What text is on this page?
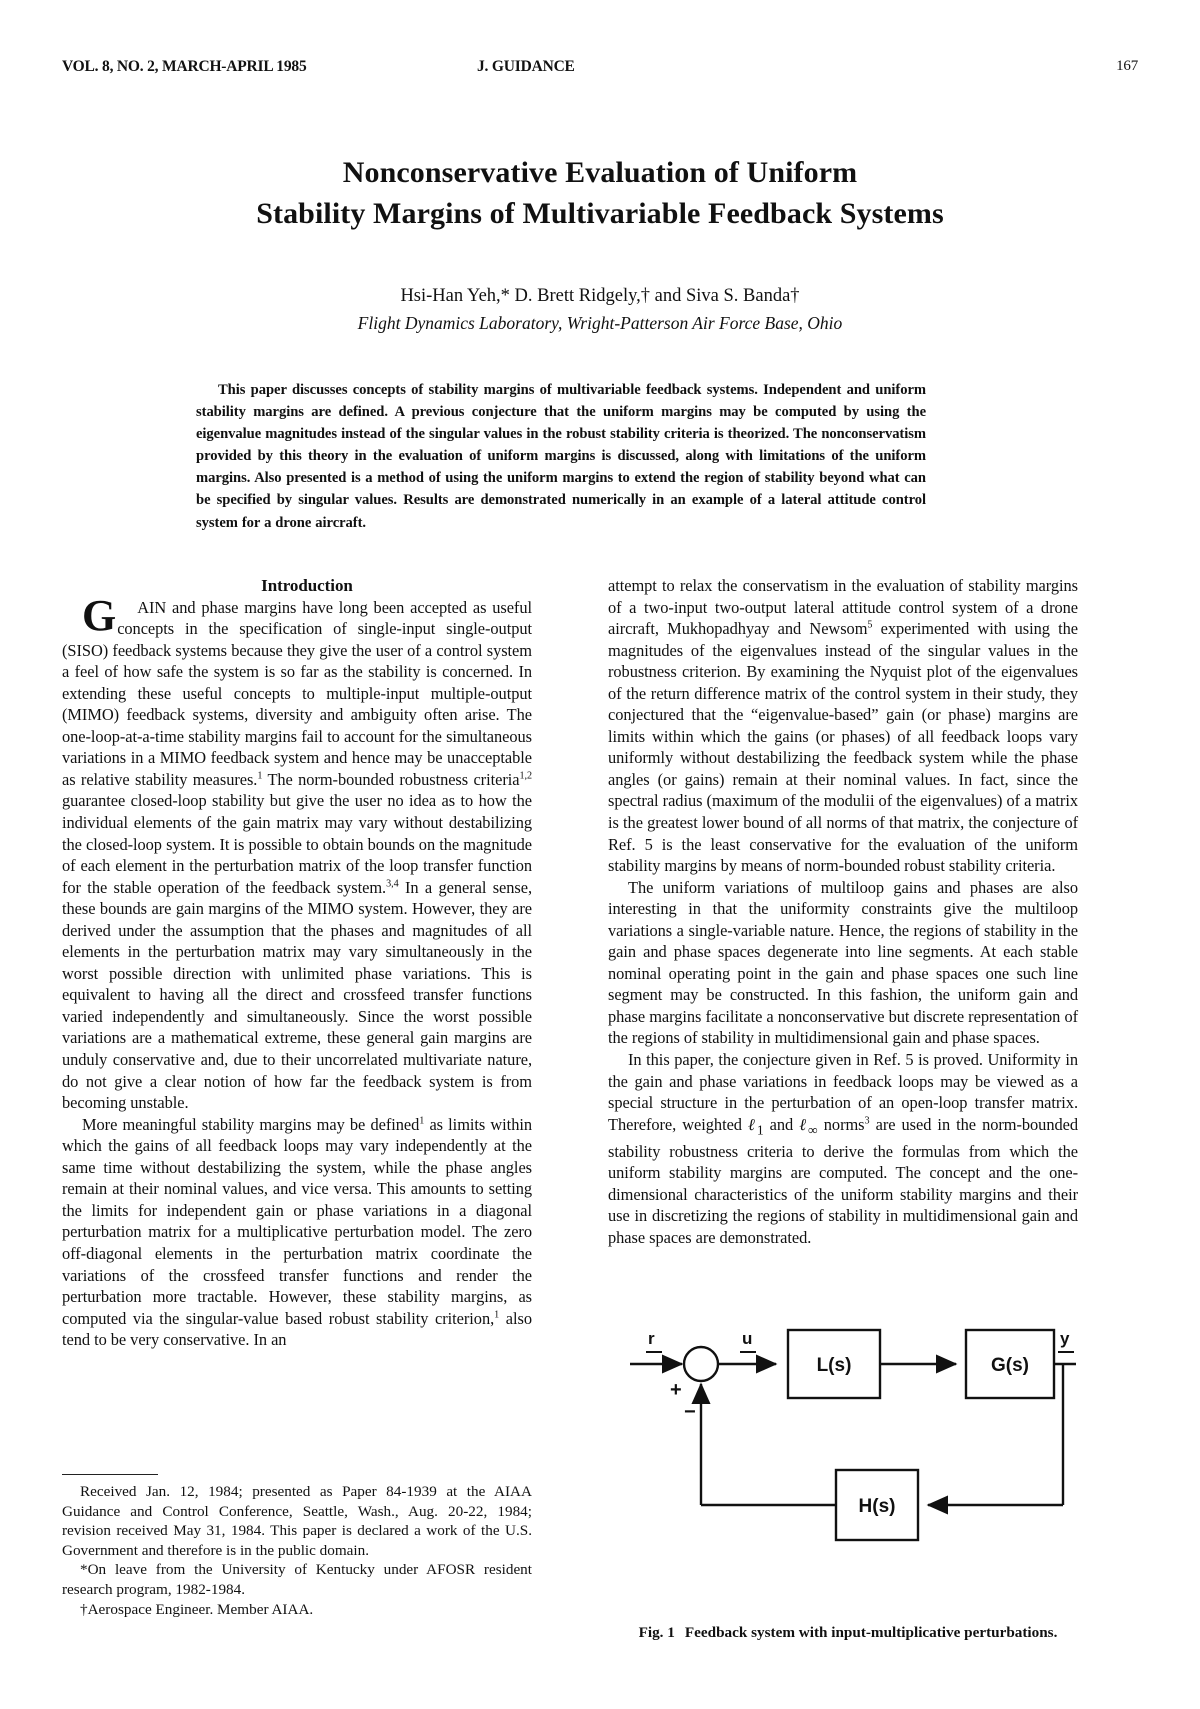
VOL. 8, NO. 2, MARCH-APRIL 1985	J. GUIDANCE	167
Nonconservative Evaluation of Uniform
Stability Margins of Multivariable Feedback Systems
Hsi-Han Yeh,* D. Brett Ridgely,† and Siva S. Banda†
Flight Dynamics Laboratory, Wright-Patterson Air Force Base, Ohio
This paper discusses concepts of stability margins of multivariable feedback systems. Independent and uniform stability margins are defined. A previous conjecture that the uniform margins may be computed by using the eigenvalue magnitudes instead of the singular values in the robust stability criteria is theorized. The nonconservatism provided by this theory in the evaluation of uniform margins is discussed, along with limitations of the uniform margins. Also presented is a method of using the uniform margins to extend the region of stability beyond what can be specified by singular values. Results are demonstrated numerically in an example of a lateral attitude control system for a drone aircraft.

Introduction

GAIN and phase margins have long been accepted as useful concepts in the specification of single-input single-output (SISO) feedback systems because they give the user of a control system a feel of how safe the system is so far as the stability is concerned. In extending these useful concepts to multiple-input multiple-output (MIMO) feedback systems, diversity and ambiguity often arise. The one-loop-at-a-time stability margins fail to account for the simultaneous variations in a MIMO feedback system and hence may be unacceptable as relative stability measures.$^1$ The norm-bounded robustness criteria$^{1,2}$ guarantee closed-loop stability but give the user no idea as to how the individual elements of the gain matrix may vary without destabilizing the closed-loop system. It is possible to obtain bounds on the magnitude of each element in the perturbation matrix of the loop transfer function for the stable operation of the feedback system.$^{3,4}$ In a general sense, these bounds are gain margins of the MIMO system. However, they are derived under the assumption that the phases and magnitudes of all elements in the perturbation matrix may vary simultaneously in the worst possible direction with unlimited phase variations. This is equivalent to having all the direct and crossfeed transfer functions varied independently and simultaneously. Since the worst possible variations are a mathematical extreme, these general gain margins are unduly conservative and, due to their uncorrelated multivariate nature, do not give a clear notion of how far the feedback system is from becoming unstable.

More meaningful stability margins may be defined$^1$ as limits within which the gains of all feedback loops may vary independently at the same time without destabilizing the system, while the phase angles remain at their nominal values, and vice versa. This amounts to setting the limits for independent gain or phase variations in a diagonal perturbation matrix for a multiplicative perturbation model. The zero off-diagonal elements in the perturbation matrix coordinate the variations of the crossfeed transfer functions and render the perturbation more tractable. However, these stability margins, as computed via the singular-value based robust stability criterion,$^1$ also tend to be very conservative. In an

attempt to relax the conservatism in the evaluation of stability margins of a two-input two-output lateral attitude control system of a drone aircraft, Mukhopadhyay and Newsom$^5$ experimented with using the magnitudes of the eigenvalues instead of the singular values in the robustness criterion. By examining the Nyquist plot of the eigenvalues of the return difference matrix of the control system in their study, they conjectured that the “eigenvalue-based” gain (or phase) margins are limits within which the gains (or phases) of all feedback loops vary uniformly without destabilizing the feedback system while the phase angles (or gains) remain at their nominal values. In fact, since the spectral radius (maximum of the modulii of the eigenvalues) of a matrix is the greatest lower bound of all norms of that matrix, the conjecture of Ref. 5 is the least conservative for the evaluation of the uniform stability margins by means of norm-bounded robust stability criteria.

The uniform variations of multiloop gains and phases are also interesting in that the uniformity constraints give the multiloop variations a single-variable nature. Hence, the regions of stability in the gain and phase spaces degenerate into line segments. At each stable nominal operating point in the gain and phase spaces one such line segment may be constructed. In this fashion, the uniform gain and phase margins facilitate a nonconservative but discrete representation of the regions of stability in multidimensional gain and phase spaces.

In this paper, the conjecture given in Ref. 5 is proved. Uniformity in the gain and phase variations in feedback loops may be viewed as a special structure in the perturbation of an open-loop transfer matrix. Therefore, weighted ℓ$_1$ and ℓ$_\infty$ norms$^3$ are used in the norm-bounded stability robustness criteria to derive the formulas from which the uniform stability margins are computed. The concept and the one-dimensional characteristics of the uniform stability margins and their use in discretizing the regions of stability in multidimensional gain and phase spaces are demonstrated.

Received Jan. 12, 1984; presented as Paper 84-1939 at the AIAA Guidance and Control Conference, Seattle, Wash., Aug. 20-22, 1984; revision received May 31, 1984. This paper is declared a work of the U.S. Government and therefore is in the public domain.

*On leave from the University of Kentucky under AFOSR resident research program, 1982-1984.

†Aerospace Engineer. Member AIAA.

r	u	y
+
−
L(s)	G(s)
H(s)
Fig. 1 Feedback system with input-multiplicative perturbations.
